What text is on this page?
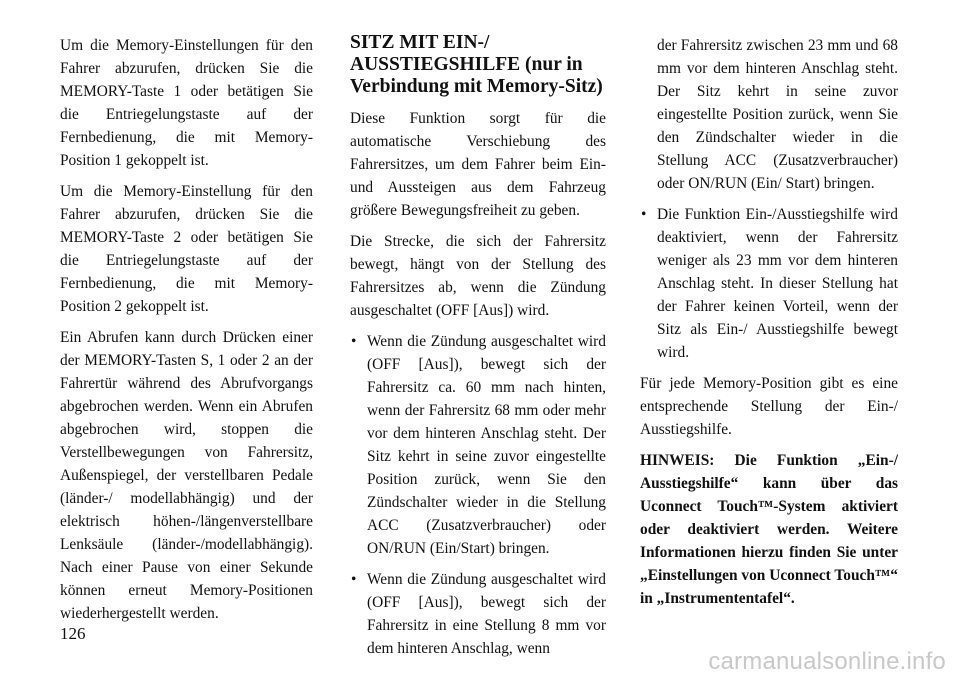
Um die Memory-Einstellungen für den Fahrer abzurufen, drücken Sie die MEMORY-Taste 1 oder betätigen Sie die Entriegelungstaste auf der Fernbedienung, die mit Memory-Position 1 gekoppelt ist.

Um die Memory-Einstellung für den Fahrer abzurufen, drücken Sie die MEMORY-Taste 2 oder betätigen Sie die Entriegelungstaste auf der Fernbedienung, die mit Memory-Position 2 gekoppelt ist.

Ein Abrufen kann durch Drücken einer der MEMORY-Tasten S, 1 oder 2 an der Fahrertür während des Abrufvorgangs abgebrochen werden. Wenn ein Abrufen abgebrochen wird, stoppen die Verstellbewegungen von Fahrersitz, Außenspiegel, der verstellbaren Pedale (länder-/ modellabhängig) und der elektrisch höhen-/längenverstellbare Lenksäule (länder-/modellabhängig). Nach einer Pause von einer Sekunde können erneut Memory-Positionen wiederhergestellt werden.

SITZ MIT EIN-/ AUSSTIEGSHILFE (nur in Verbindung mit Memory-Sitz)

Diese Funktion sorgt für die automatische Verschiebung des Fahrersitzes, um dem Fahrer beim Ein- und Aussteigen aus dem Fahrzeug größere Bewegungsfreiheit zu geben.

Die Strecke, die sich der Fahrersitz bewegt, hängt von der Stellung des Fahrersitzes ab, wenn die Zündung ausgeschaltet (OFF [Aus]) wird.

• Wenn die Zündung ausgeschaltet wird (OFF [Aus]), bewegt sich der Fahrersitz ca. 60 mm nach hinten, wenn der Fahrersitz 68 mm oder mehr vor dem hinteren Anschlag steht. Der Sitz kehrt in seine zuvor eingestellte Position zurück, wenn Sie den Zündschalter wieder in die Stellung ACC (Zusatzverbraucher) oder ON/RUN (Ein/Start) bringen.
• Wenn die Zündung ausgeschaltet wird (OFF [Aus]), bewegt sich der Fahrersitz in eine Stellung 8 mm vor dem hinteren Anschlag, wenn
der Fahrersitz zwischen 23 mm und 68 mm vor dem hinteren Anschlag steht. Der Sitz kehrt in seine zuvor eingestellte Position zurück, wenn Sie den Zündschalter wieder in die Stellung ACC (Zusatzverbraucher) oder ON/RUN (Ein/ Start) bringen.
• Die Funktion Ein-/Ausstiegshilfe wird deaktiviert, wenn der Fahrersitz weniger als 23 mm vor dem hinteren Anschlag steht. In dieser Stellung hat der Fahrer keinen Vorteil, wenn der Sitz als Ein-/ Ausstiegshilfe bewegt wird.

Für jede Memory-Position gibt es eine entsprechende Stellung der Ein-/ Ausstiegshilfe.

HINWEIS: Die Funktion „Ein-/ Ausstiegshilfe“ kann über das Uconnect Touch™-System aktiviert oder deaktiviert werden. Weitere Informationen hierzu finden Sie unter „Einstellungen von Uconnect Touch™“ in „Instrumententafel“.

126
carmanualsonline.info
